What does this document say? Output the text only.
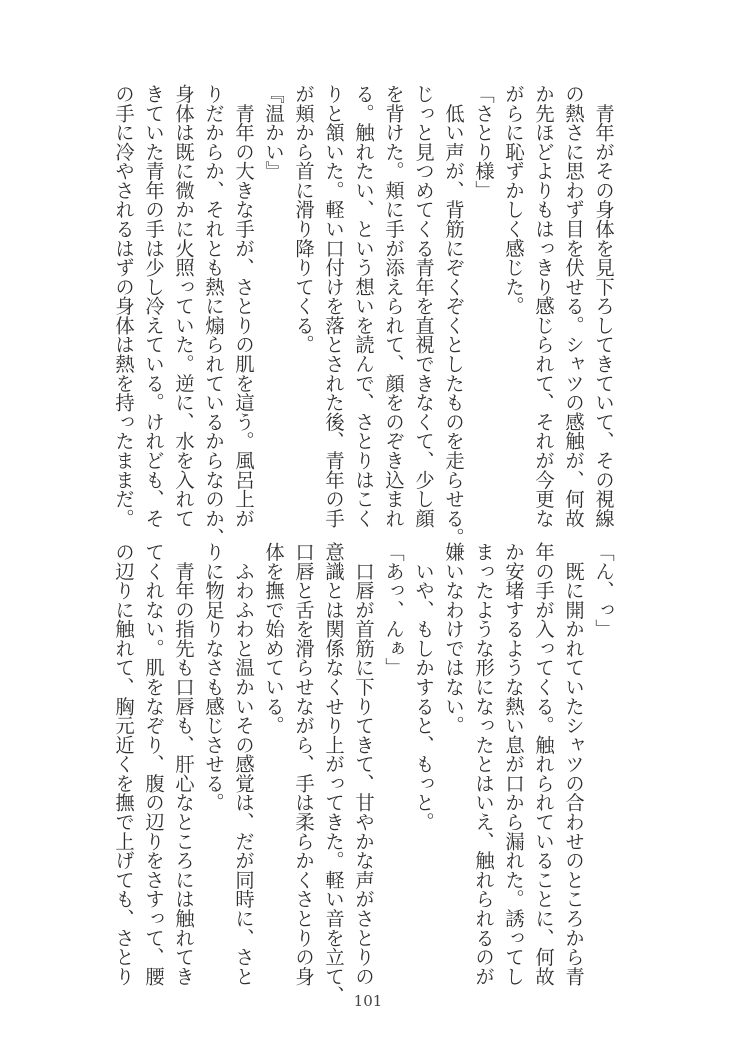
　青年がその身体を見下ろしてきていて、その視線
の熱さに思わず目を伏せる。シャツの感触が、何故
か先ほどよりもはっきり感じられて、それが今更な
がらに恥ずかしく感じた。
「さとり様」
　低い声が、背筋にぞくぞくとしたものを走らせる。
じっと見つめてくる青年を直視できなくて、少し顔
を背けた。頬に手が添えられて、顔をのぞき込まれ
る。触れたい、という想いを読んで、さとりはこく
りと頷いた。軽い口付けを落とされた後、青年の手
が頬から首に滑り降りてくる。
『温かい』
　青年の大きな手が、さとりの肌を這う。風呂上が
りだからか、それとも熱に煽られているからなのか、
身体は既に微かに火照っていた。逆に、水を入れて
きていた青年の手は少し冷えている。けれども、そ
の手に冷やされるはずの身体は熱を持ったままだ。
「ん、っ」
　既に開かれていたシャツの合わせのところから青
年の手が入ってくる。触れられていることに、何故
か安堵するような熱い息が口から漏れた。誘ってし
まったような形になったとはいえ、触れられるのが
嫌いなわけではない。
　いや、もしかすると、もっと。
「あっ、んぁ」
　口唇が首筋に下りてきて、甘やかな声がさとりの
意識とは関係なくせり上がってきた。軽い音を立て、
口唇と舌を滑らせながら、手は柔らかくさとりの身
体を撫で始めている。
　ふわふわと温かいその感覚は、だが同時に、さと
りに物足りなさも感じさせる。
　青年の指先も口唇も、肝心なところには触れてき
てくれない。肌をなぞり、腹の辺りをさすって、腰
の辺りに触れて、胸元近くを撫で上げても、さとり
101
